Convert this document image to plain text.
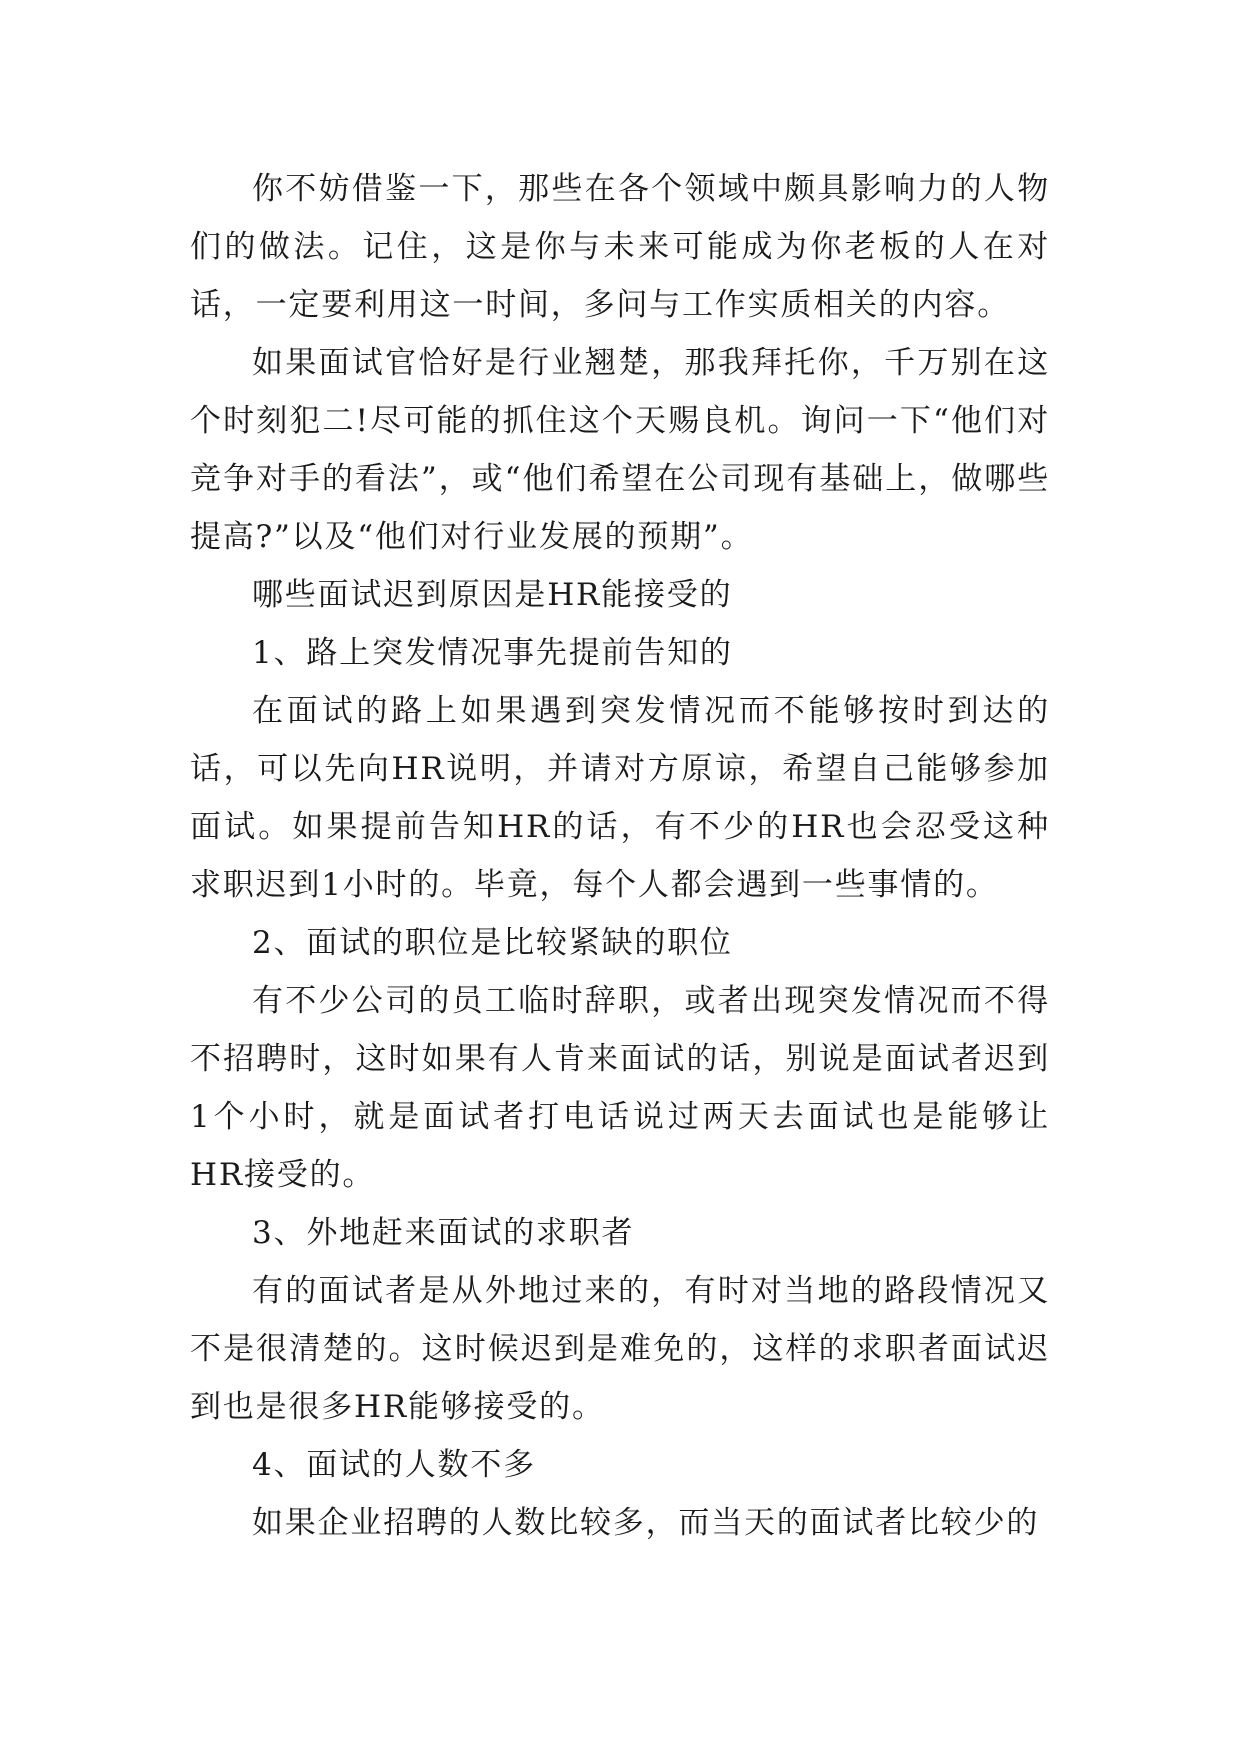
你不妨借鉴一下，那些在各个领域中颇具影响力的人物们的做法。记住，这是你与未来可能成为你老板的人在对话，一定要利用这一时间，多问与工作实质相关的内容。

如果面试官恰好是行业翘楚，那我拜托你，千万别在这个时刻犯二!尽可能的抓住这个天赐良机。询问一下“他们对竞争对手的看法”，或“他们希望在公司现有基础上，做哪些提高?”以及“他们对行业发展的预期”。

哪些面试迟到原因是HR能接受的

1、路上突发情况事先提前告知的

在面试的路上如果遇到突发情况而不能够按时到达的话，可以先向HR说明，并请对方原谅，希望自己能够参加面试。如果提前告知HR的话，有不少的HR也会忍受这种求职迟到1小时的。毕竟，每个人都会遇到一些事情的。

2、面试的职位是比较紧缺的职位

有不少公司的员工临时辞职，或者出现突发情况而不得不招聘时，这时如果有人肯来面试的话，别说是面试者迟到1个小时，就是面试者打电话说过两天去面试也是能够让HR接受的。

3、外地赶来面试的求职者

有的面试者是从外地过来的，有时对当地的路段情况又不是很清楚的。这时候迟到是难免的，这样的求职者面试迟到也是很多HR能够接受的。

4、面试的人数不多

如果企业招聘的人数比较多，而当天的面试者比较少的
